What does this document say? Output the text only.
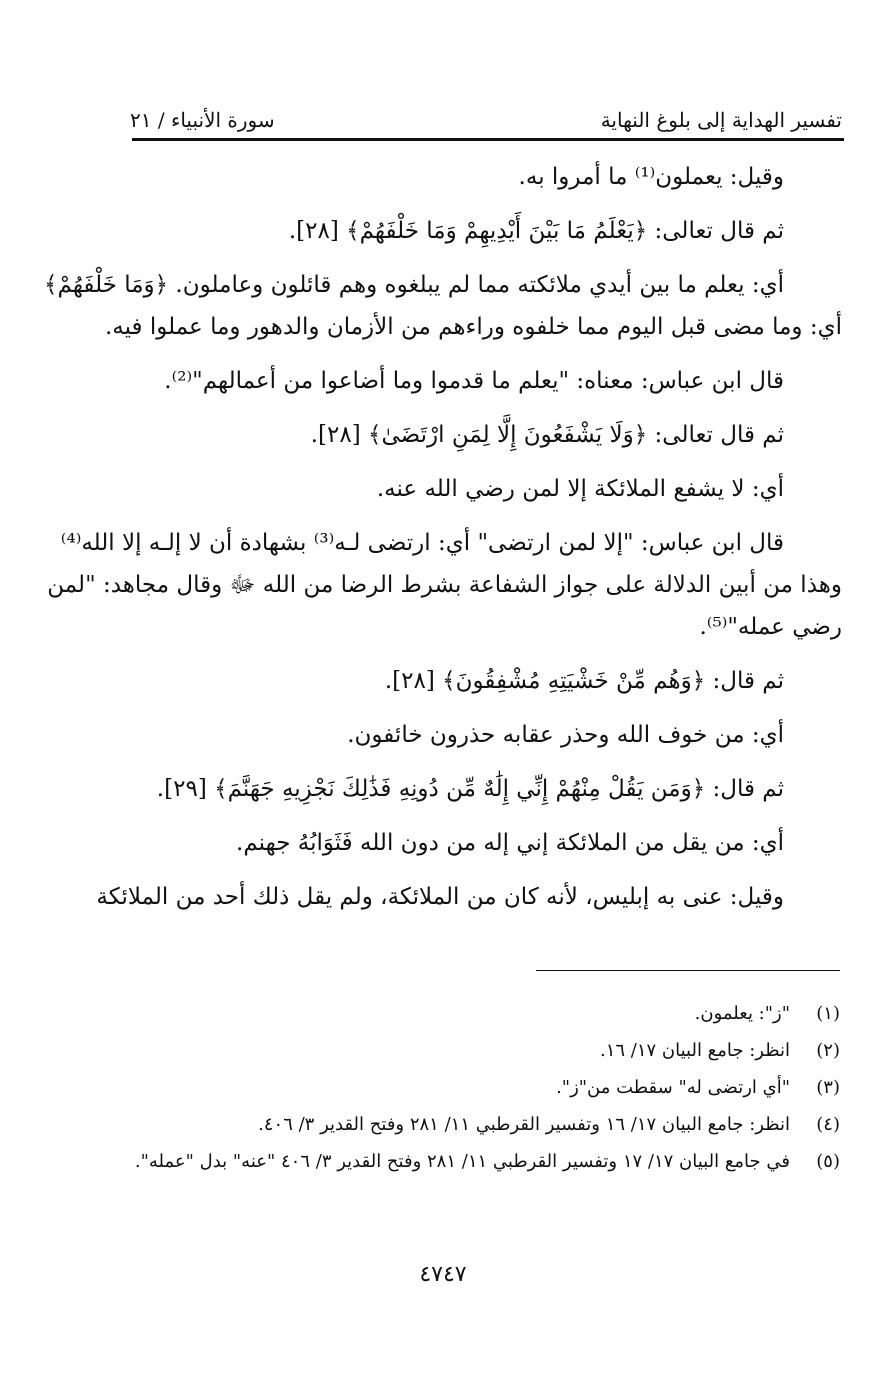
تفسير الهداية إلى بلوغ النهاية
سورة الأنبياء / ٢١
وقيل: يعملون⁽¹⁾ ما أمروا به.
ثم قال تعالى: ﴿يَعْلَمُ مَا بَيْنَ أَيْدِيهِمْ وَمَا خَلْفَهُمْ﴾ [٢٨].
أي: يعلم ما بين أيدي ملائكته مما لم يبلغوه وهم قائلون وعاملون. ﴿وَمَا خَلْفَهُمْ﴾
أي: وما مضى قبل اليوم مما خلفوه وراءهم من الأزمان والدهور وما عملوا فيه.
قال ابن عباس: معناه: "يعلم ما قدموا وما أضاعوا من أعمالهم"⁽²⁾.
ثم قال تعالى: ﴿وَلَا يَشْفَعُونَ إِلَّا لِمَنِ ارْتَضَىٰ﴾ [٢٨].
أي: لا يشفع الملائكة إلا لمن رضي الله عنه.
قال ابن عباس: "إلا لمن ارتضى" أي: ارتضى لـه⁽³⁾ بشهادة أن لا إلـه إلا الله⁽⁴⁾
وهذا من أبين الدلالة على جواز الشفاعة بشرط الرضا من الله ﷻ وقال مجاهد: "لمن
رضي عمله"⁽⁵⁾.
ثم قال: ﴿وَهُم مِّنْ خَشْيَتِهِ مُشْفِقُونَ﴾ [٢٨].
أي: من خوف الله وحذر عقابه حذرون خائفون.
ثم قال: ﴿وَمَن يَقُلْ مِنْهُمْ إِنِّي إِلَٰهٌ مِّن دُونِهِ فَذَٰلِكَ نَجْزِيهِ جَهَنَّمَ﴾ [٢٩].
أي: من يقل من الملائكة إني إله من دون الله فَثَوَابُهُ جهنم.
وقيل: عنى به إبليس، لأنه كان من الملائكة، ولم يقل ذلك أحد من الملائكة
(١)
"ز": يعلمون.
(٢)
انظر: جامع البيان ١٧/ ١٦.
(٣)
"أي ارتضى له" سقطت من"ز".
(٤)
انظر: جامع البيان ١٧/ ١٦ وتفسير القرطبي ١١/ ٢٨١ وفتح القدير ٣/ ٤٠٦.
(٥)
في جامع البيان ١٧/ ١٧ وتفسير القرطبي ١١/ ٢٨١ وفتح القدير ٣/ ٤٠٦ "عنه" بدل "عمله".
٤٧٤٧
